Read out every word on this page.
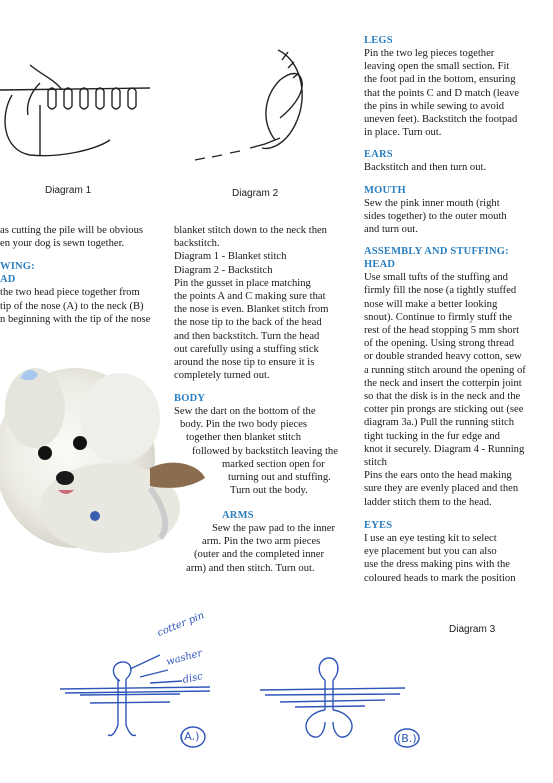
Diagram 1	Diagram 2
as cutting the pile will be obvious
en your dog is sewn together.
WING:
AD
the two head piece together from
tip of the nose (A) to the neck (B)
n beginning with the tip of the nose
blanket stitch down to the neck then
backstitch.
Diagram 1 - Blanket stitch
Diagram 2 - Backstitch
Pin the gusset in place matching
the points A and C making sure that
the nose is even. Blanket stitch from
the nose tip to the back of the head
and then backstitch. Turn the head
out carefully using a stuffing stick
around the nose tip to ensure it is
completely turned out.
BODY
Sew the dart on the bottom of the
body. Pin the two body pieces
together then blanket stitch
followed by backstitch leaving the
marked section open for
turning out and stuffing.
Turn out the body.
ARMS
Sew the paw pad to the inner
arm. Pin the two arm pieces
(outer and the completed inner
arm) and then stitch. Turn out.
LEGS
Pin the two leg pieces together
leaving open the small section. Fit
the foot pad in the bottom, ensuring
that the points C and D match (leave
the pins in while sewing to avoid
uneven feet). Backstitch the footpad
in place. Turn out.
EARS
Backstitch and then turn out.
MOUTH
Sew the pink inner mouth (right
sides together) to the outer mouth
and turn out.
ASSEMBLY AND STUFFING:
HEAD
Use small tufts of the stuffing and
firmly fill the nose (a tightly stuffed
nose will make a better looking
snout). Continue to firmly stuff the
rest of the head stopping 5 mm short
of the opening. Using strong thread
or double stranded heavy cotton, sew
a running stitch around the opening of
the neck and insert the cotterpin joint
so that the disk is in the neck and the
cotter pin prongs are sticking out (see
diagram 3a.) Pull the running stitch
tight tucking in the fur edge and
knot it securely. Diagram 4 - Running
stitch
Pins the ears onto the head making
sure they are evenly placed and then
ladder stitch them to the head.
EYES
I use an eye testing kit to select
eye placement but you can also
use the dress making pins with the
coloured heads to mark the position
Diagram 3
cotter pin
washer
disc
(A.)	(B.)
